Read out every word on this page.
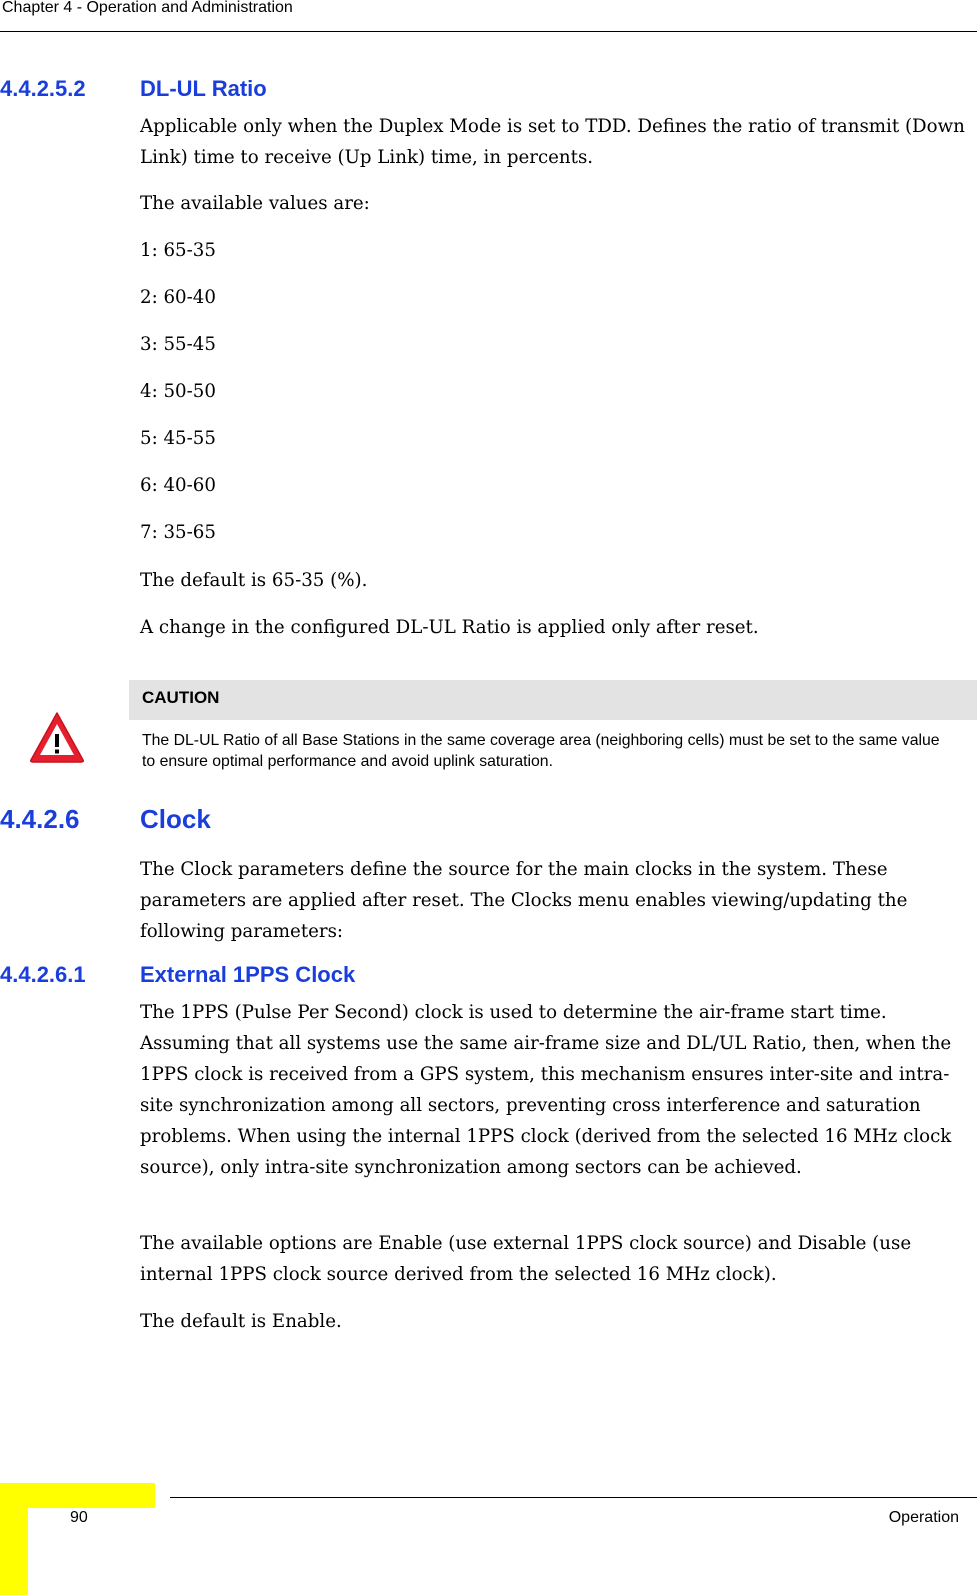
Chapter 4 - Operation and Administration
4.4.2.5.2 DL-UL Ratio

Applicable only when the Duplex Mode is set to TDD. Defines the ratio of transmit (Down Link) time to receive (Up Link) time, in percents.

The available values are:

1: 65-35

2: 60-40

3: 55-45

4: 50-50

5: 45-55

6: 40-60

7: 35-65

The default is 65-35 (%).

A change in the configured DL-UL Ratio is applied only after reset.

CAUTION
The DL-UL Ratio of all Base Stations in the same coverage area (neighboring cells) must be set to the same value to ensure optimal performance and avoid uplink saturation.
4.4.2.6 Clock

The Clock parameters define the source for the main clocks in the system. These parameters are applied after reset. The Clocks menu enables viewing/updating the following parameters:

4.4.2.6.1 External 1PPS Clock

The 1PPS (Pulse Per Second) clock is used to determine the air-frame start time. Assuming that all systems use the same air-frame size and DL/UL Ratio, then, when the 1PPS clock is received from a GPS system, this mechanism ensures inter-site and intra-site synchronization among all sectors, preventing cross interference and saturation problems. When using the internal 1PPS clock (derived from the selected 16 MHz clock source), only intra-site synchronization among sectors can be achieved.

The available options are Enable (use external 1PPS clock source) and Disable (use internal 1PPS clock source derived from the selected 16 MHz clock).

The default is Enable.

90	Operation
